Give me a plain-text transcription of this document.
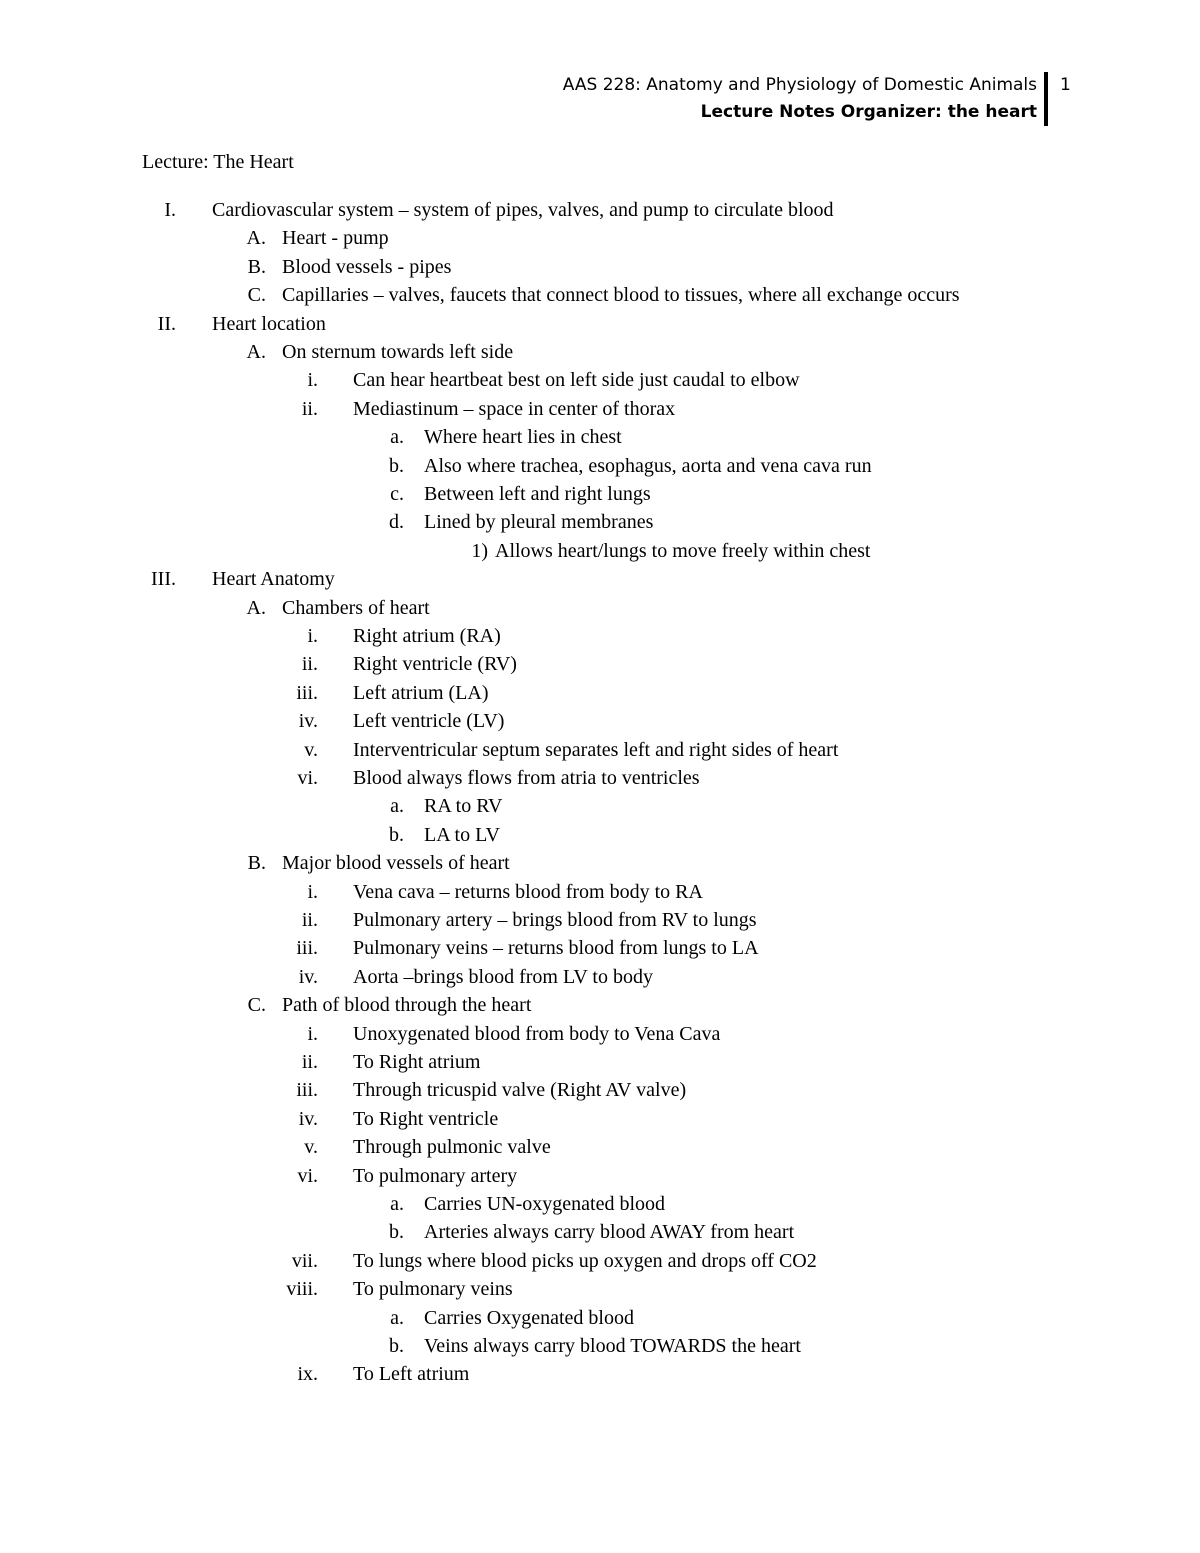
AAS 228: Anatomy and Physiology of Domestic Animals
Lecture Notes Organizer: the heart
1
Lecture: The Heart
I. Cardiovascular system – system of pipes, valves, and pump to circulate blood
A. Heart - pump
B. Blood vessels - pipes
C. Capillaries – valves, faucets that connect blood to tissues, where all exchange occurs
II. Heart location
A. On sternum towards left side
i. Can hear heartbeat best on left side just caudal to elbow
ii. Mediastinum – space in center of thorax
a. Where heart lies in chest
b. Also where trachea, esophagus, aorta and vena cava run
c. Between left and right lungs
d. Lined by pleural membranes
1) Allows heart/lungs to move freely within chest
III. Heart Anatomy
A. Chambers of heart
i. Right atrium (RA)
ii. Right ventricle (RV)
iii. Left atrium (LA)
iv. Left ventricle (LV)
v. Interventricular septum separates left and right sides of heart
vi. Blood always flows from atria to ventricles
a. RA to RV
b. LA to LV
B. Major blood vessels of heart
i. Vena cava – returns blood from body to RA
ii. Pulmonary artery – brings blood from RV to lungs
iii. Pulmonary veins – returns blood from lungs to LA
iv. Aorta –brings blood from LV to body
C. Path of blood through the heart
i. Unoxygenated blood from body to Vena Cava
ii. To Right atrium
iii. Through tricuspid valve (Right AV valve)
iv. To Right ventricle
v. Through pulmonic valve
vi. To pulmonary artery
a. Carries UN-oxygenated blood
b. Arteries always carry blood AWAY from heart
vii. To lungs where blood picks up oxygen and drops off CO2
viii. To pulmonary veins
a. Carries Oxygenated blood
b. Veins always carry blood TOWARDS the heart
ix. To Left atrium
